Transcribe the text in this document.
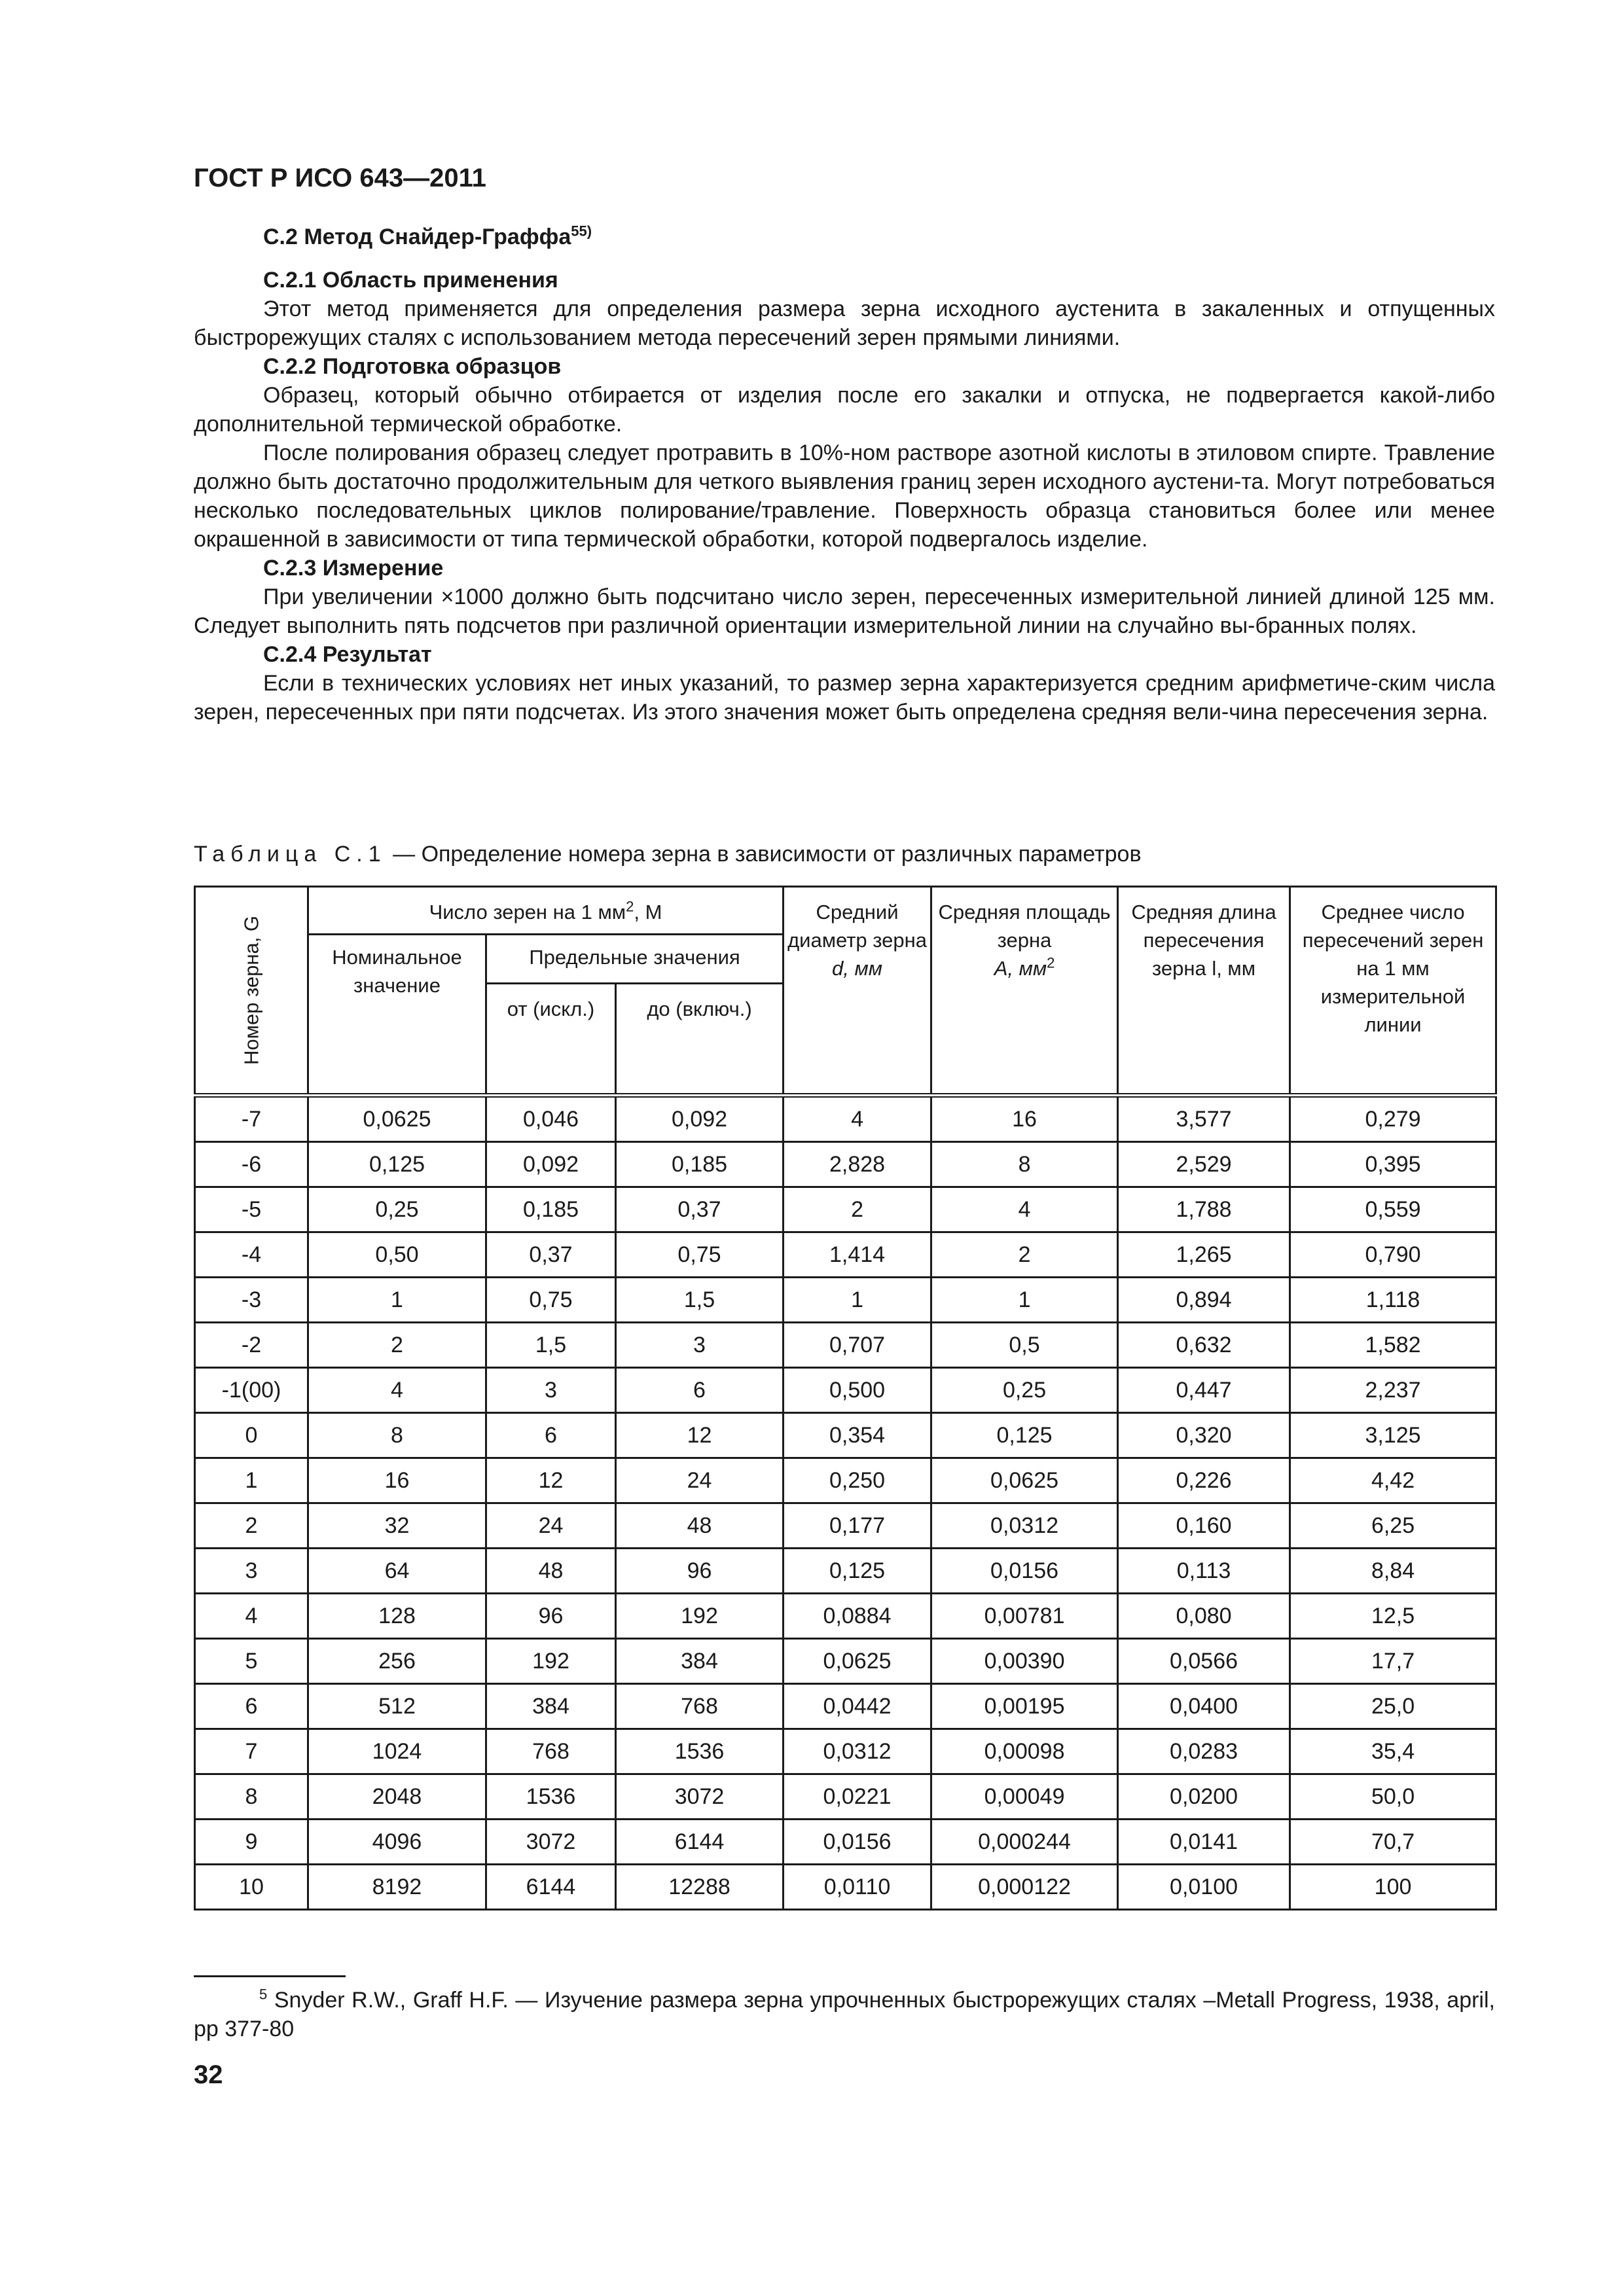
ГОСТ Р ИСО 643—2011

С.2 Метод Снайдер-Граффа$^{55)}$

С.2.1 Область применения

Этот метод применяется для определения размера зерна исходного аустенита в закаленных и отпущенных быстрорежущих сталях с использованием метода пересечений зерен прямыми линиями.

С.2.2 Подготовка образцов

Образец, который обычно отбирается от изделия после его закалки и отпуска, не подвергается какой-либо дополнительной термической обработке.

После полирования образец следует протравить в 10%-ном растворе азотной кислоты в этиловом спирте. Травление должно быть достаточно продолжительным для четкого выявления границ зерен исходного аустени-та. Могут потребоваться несколько последовательных циклов полирование/травление. Поверхность образца становиться более или менее окрашенной в зависимости от типа термической обработки, которой подвергалось изделие.

С.2.3 Измерение

При увеличении ×1000 должно быть подсчитано число зерен, пересеченных измерительной линией длиной 125 мм. Следует выполнить пять подсчетов при различной ориентации измерительной линии на случайно вы-бранных полях.

С.2.4 Результат

Если в технических условиях нет иных указаний, то размер зерна характеризуется средним арифметиче-ским числа зерен, пересеченных при пяти подсчетах. Из этого значения может быть определена средняя вели-чина пересечения зерна.

Таблица С.1 — Определение номера зерна в зависимости от различных параметров
Номер зерна, G	Число зерен на 1 $мм^2$, M			Средний диаметр зерна
d, мм	Средняя площадь зерна
A, $мм^2$	Средняя длина пересечения зерна l, мм	Среднее число пересечений зерен на 1 мм измерительной линии
	Номинальное значение	Предельные значения					
		от (искл.)	до (включ.)				
-7	0,0625	0,046	0,092	4	16	3,577	0,279
-6	0,125	0,092	0,185	2,828	8	2,529	0,395
-5	0,25	0,185	0,37	2	4	1,788	0,559
-4	0,50	0,37	0,75	1,414	2	1,265	0,790
-3	1	0,75	1,5	1	1	0,894	1,118
-2	2	1,5	3	0,707	0,5	0,632	1,582
-1(00)	4	3	6	0,500	0,25	0,447	2,237
0	8	6	12	0,354	0,125	0,320	3,125
1	16	12	24	0,250	0,0625	0,226	4,42
2	32	24	48	0,177	0,0312	0,160	6,25
3	64	48	96	0,125	0,0156	0,113	8,84
4	128	96	192	0,0884	0,00781	0,080	12,5
5	256	192	384	0,0625	0,00390	0,0566	17,7
6	512	384	768	0,0442	0,00195	0,0400	25,0
7	1024	768	1536	0,0312	0,00098	0,0283	35,4
8	2048	1536	3072	0,0221	0,00049	0,0200	50,0
9	4096	3072	6144	0,0156	0,000244	0,0141	70,7
10	8192	6144	12288	0,0110	0,000122	0,0100	100

$^5$ Snyder R.W., Graff H.F. — Изучение размера зерна упрочненных быстрорежущих сталях –Metall Progress, 1938, april, pp 377-80

32
